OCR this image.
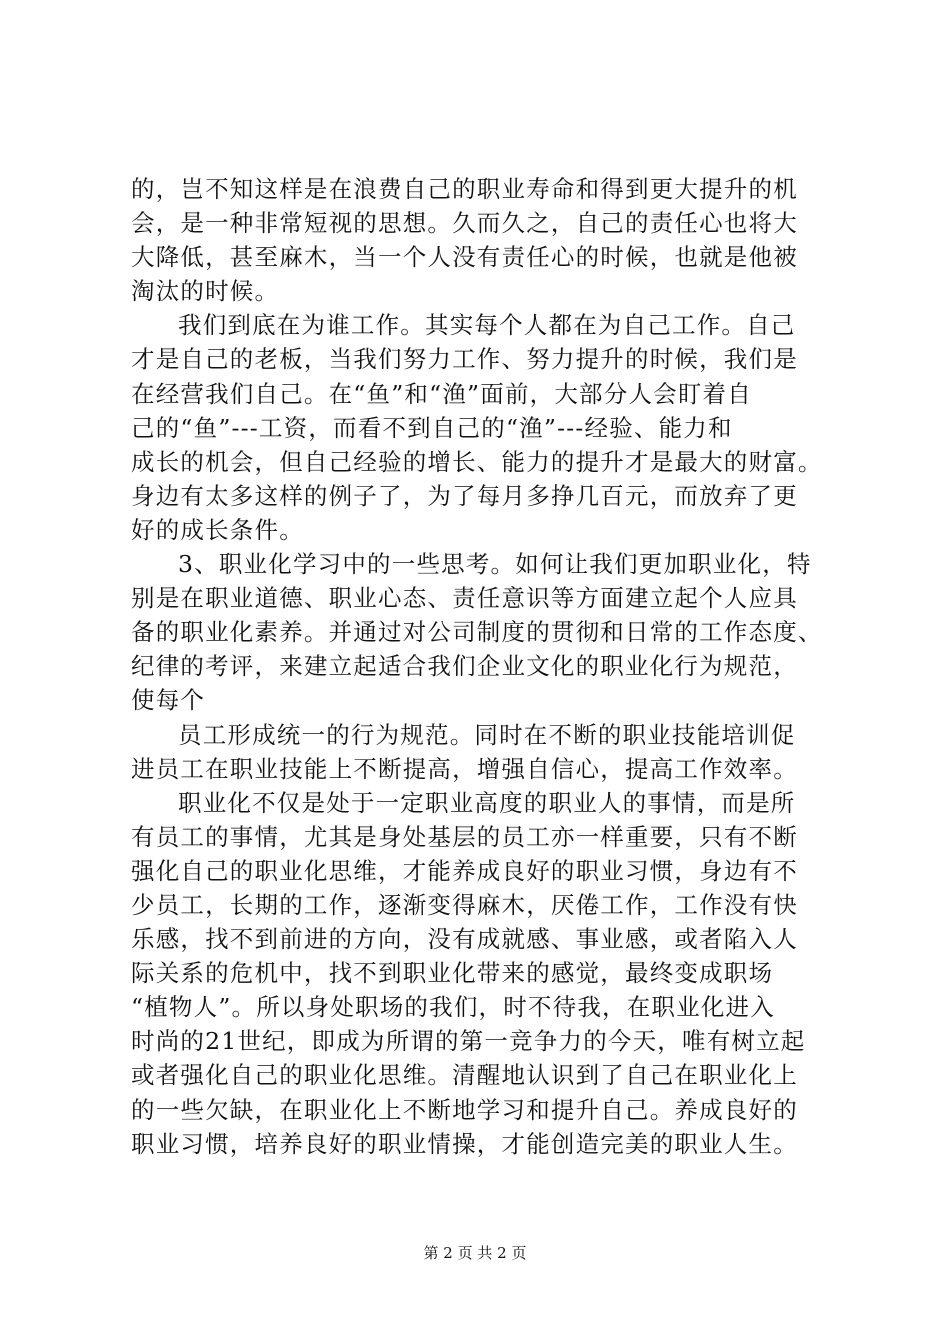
的，岂不知这样是在浪费自己的职业寿命和得到更大提升的机
会，是一种非常短视的思想。久而久之，自己的责任心也将大
大降低，甚至麻木，当一个人没有责任心的时候，也就是他被
淘汰的时候。
我们到底在为谁工作。其实每个人都在为自己工作。自己
才是自己的老板，当我们努力工作、努力提升的时候，我们是
在经营我们自己。在“鱼”和“渔”面前，大部分人会盯着自
己的“鱼”---工资，而看不到自己的“渔”---经验、能力和
成长的机会，但自己经验的增长、能力的提升才是最大的财富。
身边有太多这样的例子了，为了每月多挣几百元，而放弃了更
好的成长条件。
3、职业化学习中的一些思考。如何让我们更加职业化，特
别是在职业道德、职业心态、责任意识等方面建立起个人应具
备的职业化素养。并通过对公司制度的贯彻和日常的工作态度、
纪律的考评，来建立起适合我们企业文化的职业化行为规范，
使每个
员工形成统一的行为规范。同时在不断的职业技能培训促
进员工在职业技能上不断提高，增强自信心，提高工作效率。
职业化不仅是处于一定职业高度的职业人的事情，而是所
有员工的事情，尤其是身处基层的员工亦一样重要，只有不断
强化自己的职业化思维，才能养成良好的职业习惯，身边有不
少员工，长期的工作，逐渐变得麻木，厌倦工作，工作没有快
乐感，找不到前进的方向，没有成就感、事业感，或者陷入人
际关系的危机中，找不到职业化带来的感觉，最终变成职场
“植物人”。所以身处职场的我们，时不待我，在职业化进入
时尚的21世纪，即成为所谓的第一竞争力的今天，唯有树立起
或者强化自己的职业化思维。清醒地认识到了自己在职业化上
的一些欠缺，在职业化上不断地学习和提升自己。养成良好的
职业习惯，培养良好的职业情操，才能创造完美的职业人生。
第 2 页 共 2 页
